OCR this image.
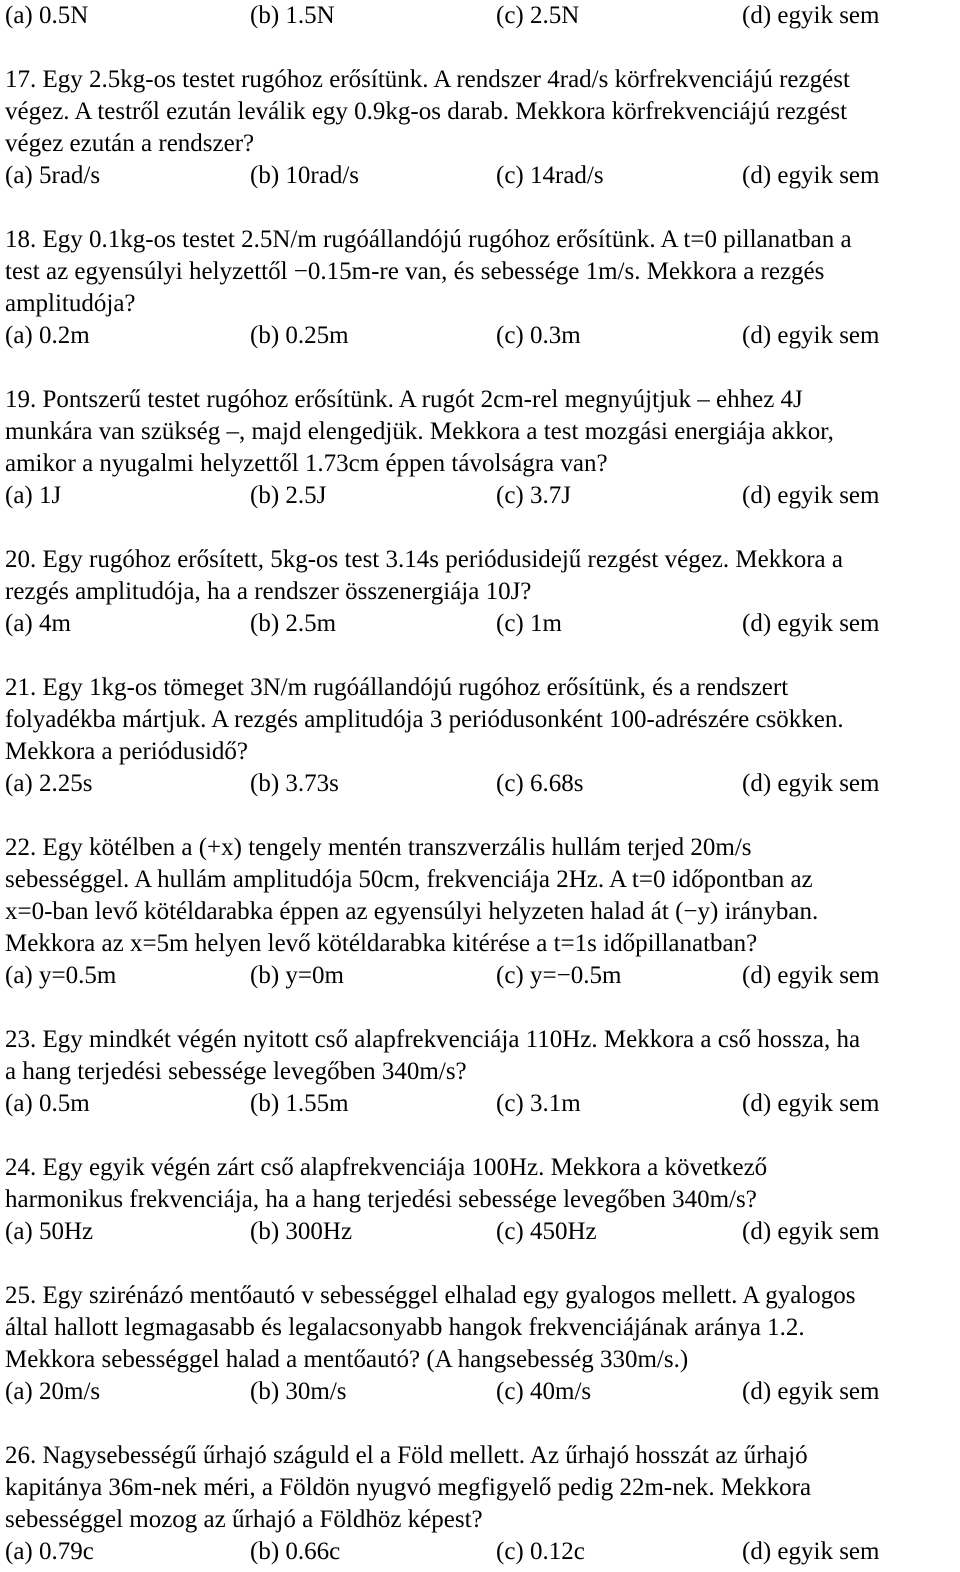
(a) 0.5N	(b) 1.5N	(c) 2.5N	(d) egyik sem
17. Egy 2.5kg-os testet rugóhoz erősítünk. A rendszer 4rad/s körfrekvenciájú rezgést
végez. A testről ezután leválik egy 0.9kg-os darab. Mekkora körfrekvenciájú rezgést
végez ezután a rendszer?
(a) 5rad/s	(b) 10rad/s	(c) 14rad/s	(d) egyik sem
18. Egy 0.1kg-os testet 2.5N/m rugóállandójú rugóhoz erősítünk. A t=0 pillanatban a
test az egyensúlyi helyzettől −0.15m-re van, és sebessége 1m/s. Mekkora a rezgés
amplitudója?
(a) 0.2m	(b) 0.25m	(c) 0.3m	(d) egyik sem
19. Pontszerű testet rugóhoz erősítünk. A rugót 2cm-rel megnyújtjuk – ehhez 4J
munkára van szükség –, majd elengedjük. Mekkora a test mozgási energiája akkor,
amikor a nyugalmi helyzettől 1.73cm éppen távolságra van?
(a) 1J	(b) 2.5J	(c) 3.7J	(d) egyik sem
20. Egy rugóhoz erősített, 5kg-os test 3.14s periódusidejű rezgést végez. Mekkora a
rezgés amplitudója, ha a rendszer összenergiája 10J?
(a) 4m	(b) 2.5m	(c) 1m	(d) egyik sem
21. Egy 1kg-os tömeget 3N/m rugóállandójú rugóhoz erősítünk, és a rendszert
folyadékba mártjuk. A rezgés amplitudója 3 periódusonként 100-adrészére csökken.
Mekkora a periódusidő?
(a) 2.25s	(b) 3.73s	(c) 6.68s	(d) egyik sem
22. Egy kötélben a (+x) tengely mentén transzverzális hullám terjed 20m/s
sebességgel. A hullám amplitudója 50cm, frekvenciája 2Hz. A t=0 időpontban az
x=0-ban levő kötéldarabka éppen az egyensúlyi helyzeten halad át (−y) irányban.
Mekkora az x=5m helyen levő kötéldarabka kitérése a t=1s időpillanatban?
(a) y=0.5m	(b) y=0m	(c) y=−0.5m	(d) egyik sem
23. Egy mindkét végén nyitott cső alapfrekvenciája 110Hz. Mekkora a cső hossza, ha
a hang terjedési sebessége levegőben 340m/s?
(a) 0.5m	(b) 1.55m	(c) 3.1m	(d) egyik sem
24. Egy egyik végén zárt cső alapfrekvenciája 100Hz. Mekkora a következő
harmonikus frekvenciája, ha a hang terjedési sebessége levegőben 340m/s?
(a) 50Hz	(b) 300Hz	(c) 450Hz	(d) egyik sem
25. Egy szirénázó mentőautó v sebességgel elhalad egy gyalogos mellett. A gyalogos
által hallott legmagasabb és legalacsonyabb hangok frekvenciájának aránya 1.2.
Mekkora sebességgel halad a mentőautó? (A hangsebesség 330m/s.)
(a) 20m/s	(b) 30m/s	(c) 40m/s	(d) egyik sem
26. Nagysebességű űrhajó száguld el a Föld mellett. Az űrhajó hosszát az űrhajó
kapitánya 36m-nek méri, a Földön nyugvó megfigyelő pedig 22m-nek. Mekkora
sebességgel mozog az űrhajó a Földhöz képest?
(a) 0.79c	(b) 0.66c	(c) 0.12c	(d) egyik sem
